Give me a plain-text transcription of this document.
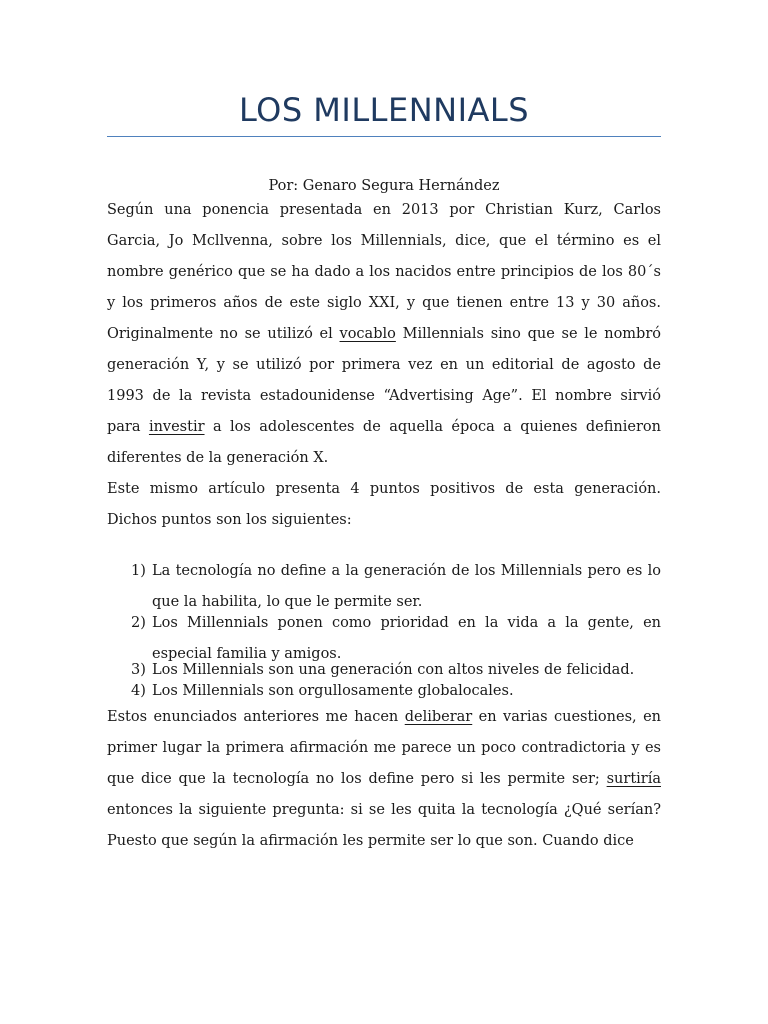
LOS MILLENNIALS

Por: Genaro Segura Hernández

Según una ponencia presentada en 2013 por Christian Kurz, Carlos Garcia, Jo Mcllvenna, sobre los Millennials, dice, que el término es el nombre genérico que se ha dado a los nacidos entre principios de los 80´s y los primeros años de este siglo XXI, y que tienen entre 13 y 30 años. Originalmente no se utilizó el vocablo Millennials sino que se le nombró generación Y, y se utilizó por primera vez en un editorial de agosto de 1993 de la revista estadounidense “Advertising Age”. El nombre sirvió para investir a los adolescentes de aquella época a quienes definieron diferentes de la generación X.

Este mismo artículo presenta 4 puntos positivos de esta generación. Dichos puntos son los siguientes:

1) La tecnología no define a la generación de los Millennials pero es lo que la habilita, lo que le permite ser.
2) Los Millennials ponen como prioridad en la vida a la gente, en especial familia y amigos.
3) Los Millennials son una generación con altos niveles de felicidad.
4) Los Millennials son orgullosamente globalocales.

Estos enunciados anteriores me hacen deliberar en varias cuestiones, en primer lugar la primera afirmación me parece un poco contradictoria y es que dice que la tecnología no los define pero si les permite ser; surtiría entonces la siguiente pregunta: si se les quita la tecnología ¿Qué serían? Puesto que según la afirmación les permite ser lo que son. Cuando dice
